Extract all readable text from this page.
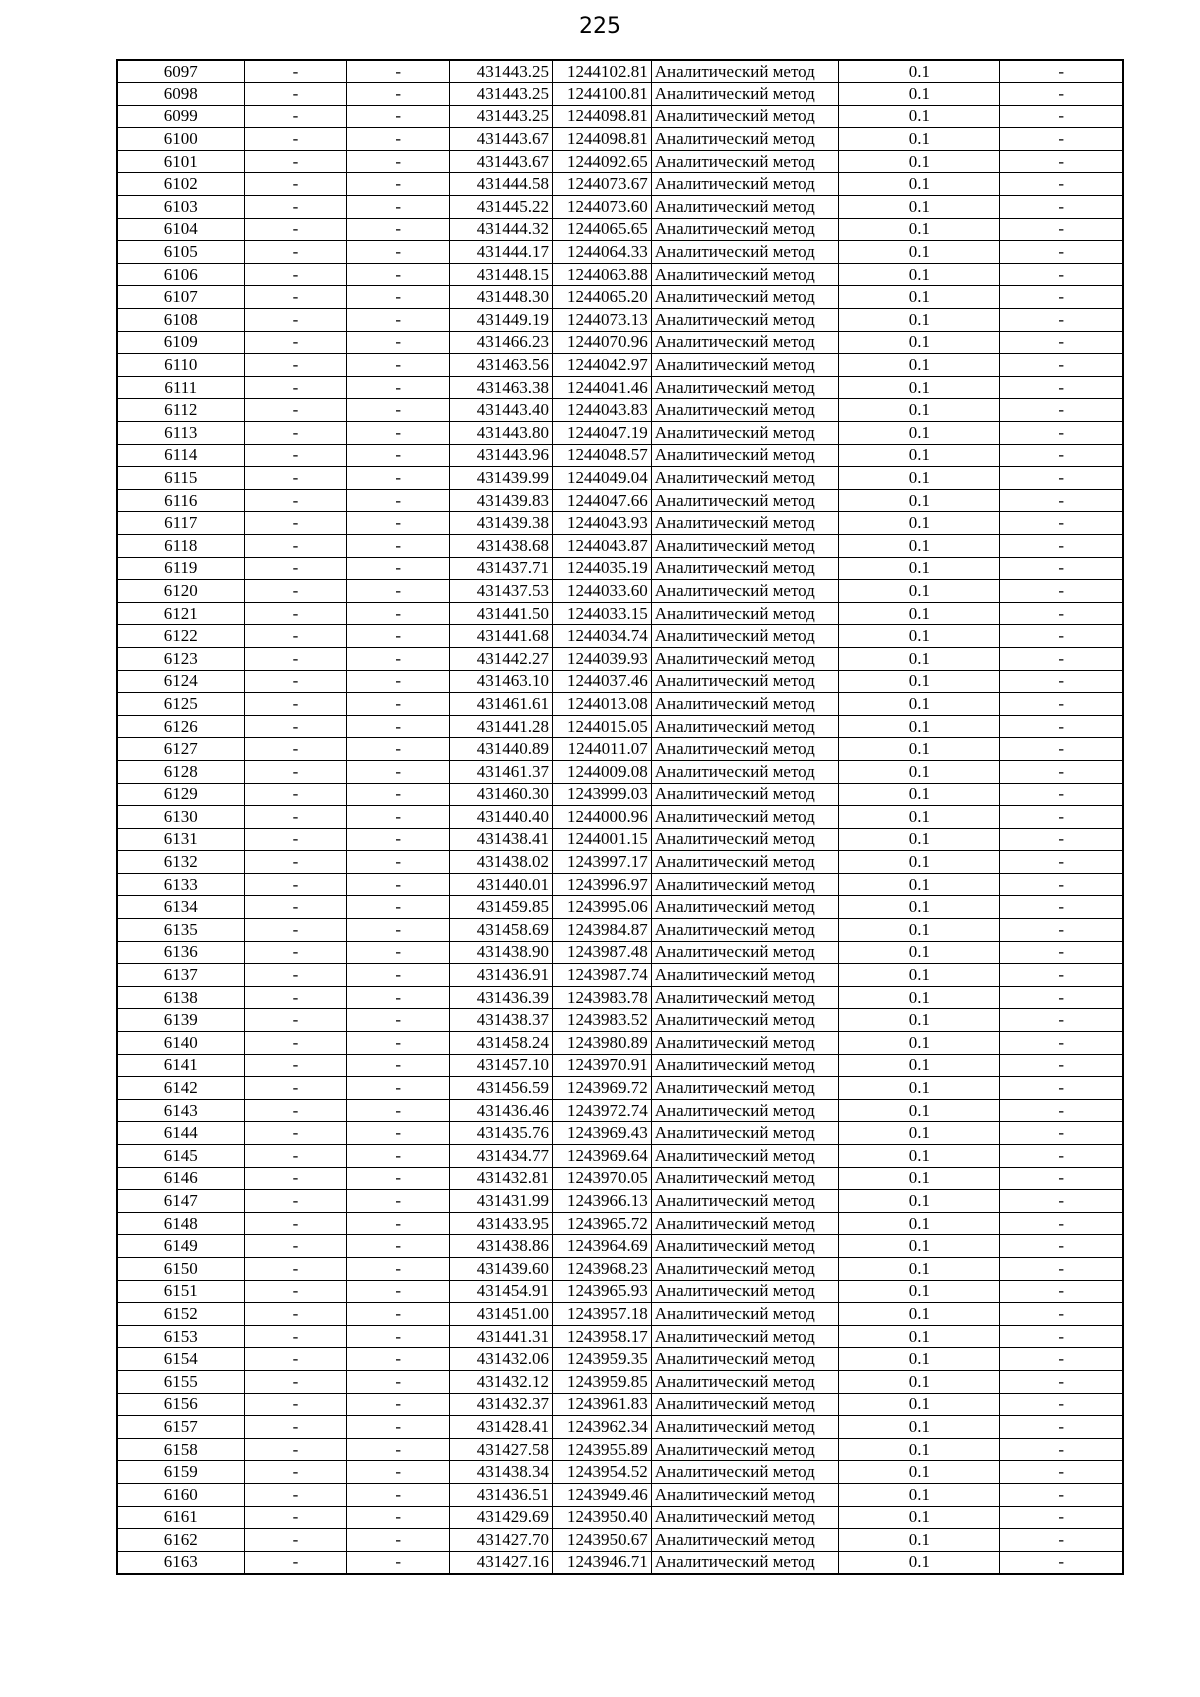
225
6097	-	-	431443.25	1244102.81	Аналитический метод	0.1	-
6098	-	-	431443.25	1244100.81	Аналитический метод	0.1	-
6099	-	-	431443.25	1244098.81	Аналитический метод	0.1	-
6100	-	-	431443.67	1244098.81	Аналитический метод	0.1	-
6101	-	-	431443.67	1244092.65	Аналитический метод	0.1	-
6102	-	-	431444.58	1244073.67	Аналитический метод	0.1	-
6103	-	-	431445.22	1244073.60	Аналитический метод	0.1	-
6104	-	-	431444.32	1244065.65	Аналитический метод	0.1	-
6105	-	-	431444.17	1244064.33	Аналитический метод	0.1	-
6106	-	-	431448.15	1244063.88	Аналитический метод	0.1	-
6107	-	-	431448.30	1244065.20	Аналитический метод	0.1	-
6108	-	-	431449.19	1244073.13	Аналитический метод	0.1	-
6109	-	-	431466.23	1244070.96	Аналитический метод	0.1	-
6110	-	-	431463.56	1244042.97	Аналитический метод	0.1	-
6111	-	-	431463.38	1244041.46	Аналитический метод	0.1	-
6112	-	-	431443.40	1244043.83	Аналитический метод	0.1	-
6113	-	-	431443.80	1244047.19	Аналитический метод	0.1	-
6114	-	-	431443.96	1244048.57	Аналитический метод	0.1	-
6115	-	-	431439.99	1244049.04	Аналитический метод	0.1	-
6116	-	-	431439.83	1244047.66	Аналитический метод	0.1	-
6117	-	-	431439.38	1244043.93	Аналитический метод	0.1	-
6118	-	-	431438.68	1244043.87	Аналитический метод	0.1	-
6119	-	-	431437.71	1244035.19	Аналитический метод	0.1	-
6120	-	-	431437.53	1244033.60	Аналитический метод	0.1	-
6121	-	-	431441.50	1244033.15	Аналитический метод	0.1	-
6122	-	-	431441.68	1244034.74	Аналитический метод	0.1	-
6123	-	-	431442.27	1244039.93	Аналитический метод	0.1	-
6124	-	-	431463.10	1244037.46	Аналитический метод	0.1	-
6125	-	-	431461.61	1244013.08	Аналитический метод	0.1	-
6126	-	-	431441.28	1244015.05	Аналитический метод	0.1	-
6127	-	-	431440.89	1244011.07	Аналитический метод	0.1	-
6128	-	-	431461.37	1244009.08	Аналитический метод	0.1	-
6129	-	-	431460.30	1243999.03	Аналитический метод	0.1	-
6130	-	-	431440.40	1244000.96	Аналитический метод	0.1	-
6131	-	-	431438.41	1244001.15	Аналитический метод	0.1	-
6132	-	-	431438.02	1243997.17	Аналитический метод	0.1	-
6133	-	-	431440.01	1243996.97	Аналитический метод	0.1	-
6134	-	-	431459.85	1243995.06	Аналитический метод	0.1	-
6135	-	-	431458.69	1243984.87	Аналитический метод	0.1	-
6136	-	-	431438.90	1243987.48	Аналитический метод	0.1	-
6137	-	-	431436.91	1243987.74	Аналитический метод	0.1	-
6138	-	-	431436.39	1243983.78	Аналитический метод	0.1	-
6139	-	-	431438.37	1243983.52	Аналитический метод	0.1	-
6140	-	-	431458.24	1243980.89	Аналитический метод	0.1	-
6141	-	-	431457.10	1243970.91	Аналитический метод	0.1	-
6142	-	-	431456.59	1243969.72	Аналитический метод	0.1	-
6143	-	-	431436.46	1243972.74	Аналитический метод	0.1	-
6144	-	-	431435.76	1243969.43	Аналитический метод	0.1	-
6145	-	-	431434.77	1243969.64	Аналитический метод	0.1	-
6146	-	-	431432.81	1243970.05	Аналитический метод	0.1	-
6147	-	-	431431.99	1243966.13	Аналитический метод	0.1	-
6148	-	-	431433.95	1243965.72	Аналитический метод	0.1	-
6149	-	-	431438.86	1243964.69	Аналитический метод	0.1	-
6150	-	-	431439.60	1243968.23	Аналитический метод	0.1	-
6151	-	-	431454.91	1243965.93	Аналитический метод	0.1	-
6152	-	-	431451.00	1243957.18	Аналитический метод	0.1	-
6153	-	-	431441.31	1243958.17	Аналитический метод	0.1	-
6154	-	-	431432.06	1243959.35	Аналитический метод	0.1	-
6155	-	-	431432.12	1243959.85	Аналитический метод	0.1	-
6156	-	-	431432.37	1243961.83	Аналитический метод	0.1	-
6157	-	-	431428.41	1243962.34	Аналитический метод	0.1	-
6158	-	-	431427.58	1243955.89	Аналитический метод	0.1	-
6159	-	-	431438.34	1243954.52	Аналитический метод	0.1	-
6160	-	-	431436.51	1243949.46	Аналитический метод	0.1	-
6161	-	-	431429.69	1243950.40	Аналитический метод	0.1	-
6162	-	-	431427.70	1243950.67	Аналитический метод	0.1	-
6163	-	-	431427.16	1243946.71	Аналитический метод	0.1	-
